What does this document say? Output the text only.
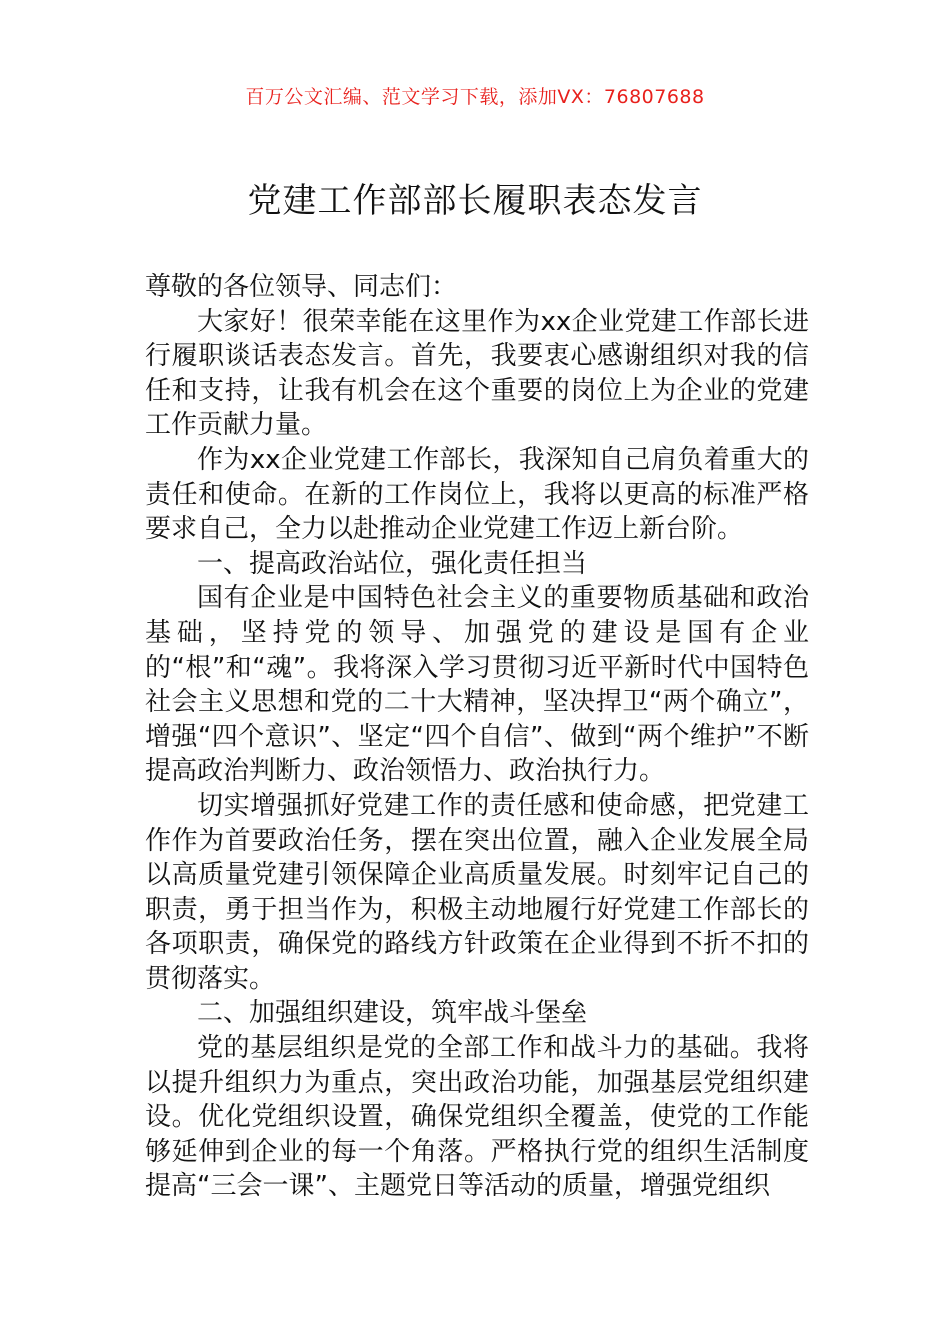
百万公文汇编、范文学习下载，添加VX：76807688
党建工作部部长履职表态发言

尊敬的各位领导、同志们：

大家好！很荣幸能在这里作为xx企业党建工作部长进行履职谈话表态发言。首先，我要衷心感谢组织对我的信任和支持，让我有机会在这个重要的岗位上为企业的党建工作贡献力量。

作为xx企业党建工作部长，我深知自己肩负着重大的责任和使命。在新的工作岗位上，我将以更高的标准严格要求自己，全力以赴推动企业党建工作迈上新台阶。

一、提高政治站位，强化责任担当

国有企业是中国特色社会主义的重要物质基础和政治基础，坚持党的领导、加强党的建设是国有企业的“根”和“魂”。我将深入学习贯彻习近平新时代中国特色社会主义思想和党的二十大精神，坚决捍卫“两个确立”，增强“四个意识”、坚定“四个自信”、做到“两个维护”不断提高政治判断力、政治领悟力、政治执行力。

切实增强抓好党建工作的责任感和使命感，把党建工作作为首要政治任务，摆在突出位置，融入企业发展全局以高质量党建引领保障企业高质量发展。时刻牢记自己的职责，勇于担当作为，积极主动地履行好党建工作部长的各项职责，确保党的路线方针政策在企业得到不折不扣的贯彻落实。

二、加强组织建设，筑牢战斗堡垒

党的基层组织是党的全部工作和战斗力的基础。我将以提升组织力为重点，突出政治功能，加强基层党组织建设。优化党组织设置，确保党组织全覆盖，使党的工作能够延伸到企业的每一个角落。严格执行党的组织生活制度提高“三会一课”、主题党日等活动的质量，增强党组织
